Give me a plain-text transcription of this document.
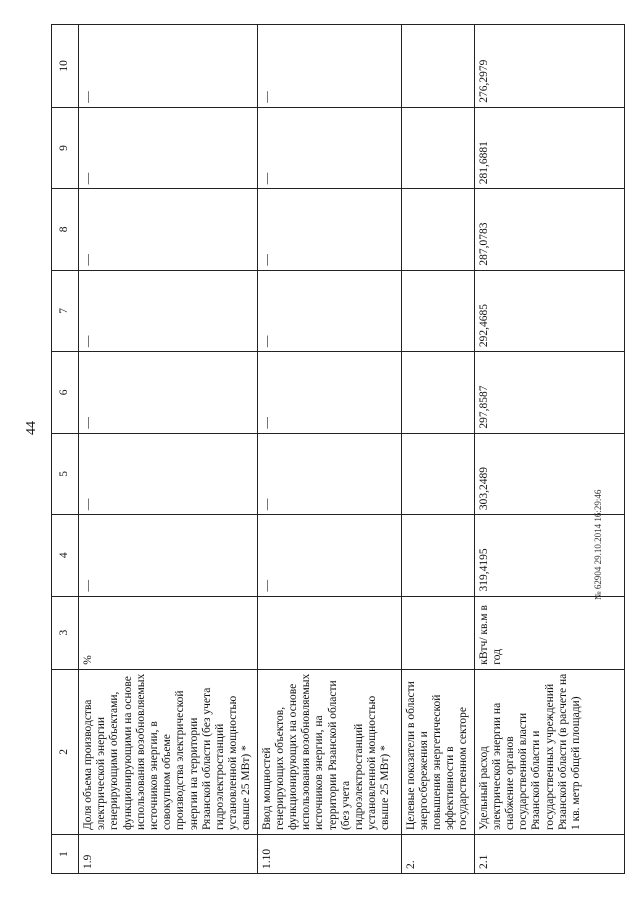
44
1	2	3	4	5	6	7	8	9	10
1.9	Доля объема производства электрической энергии генерирующими объектами, функционирующими на основе использования возобновляемых источников энергии, в совокупном объеме производства электрической энергии на территории Рязанской области (без учета гидроэлектростанций установленной мощностью свыше 25 МВт) *	%	—	—	—	—	—	—	—
1.10	Ввод мощностей генерирующих объектов, функционирующих на основе использования возобновляемых источников энергии, на территории Рязанской области (без учета гидроэлектростанций установленной мощностью свыше 25 МВт) *		—	—	—	—	—	—	—
2.	Целевые показатели в области энергосбережения и повышения энергетической эффективности в государственном секторе								
2.1	Удельный расход электрической энергии на снабжение органов государственной власти Рязанской области и государственных учреждений Рязанской области (в расчете на 1 кв. метр общей площади)	кВтч/ кв.м в год	319,4195	303,2489	297,8587	292,4685	287,0783	281,6881	276,2979
№ 62904 29.10.2014 16:29:46
